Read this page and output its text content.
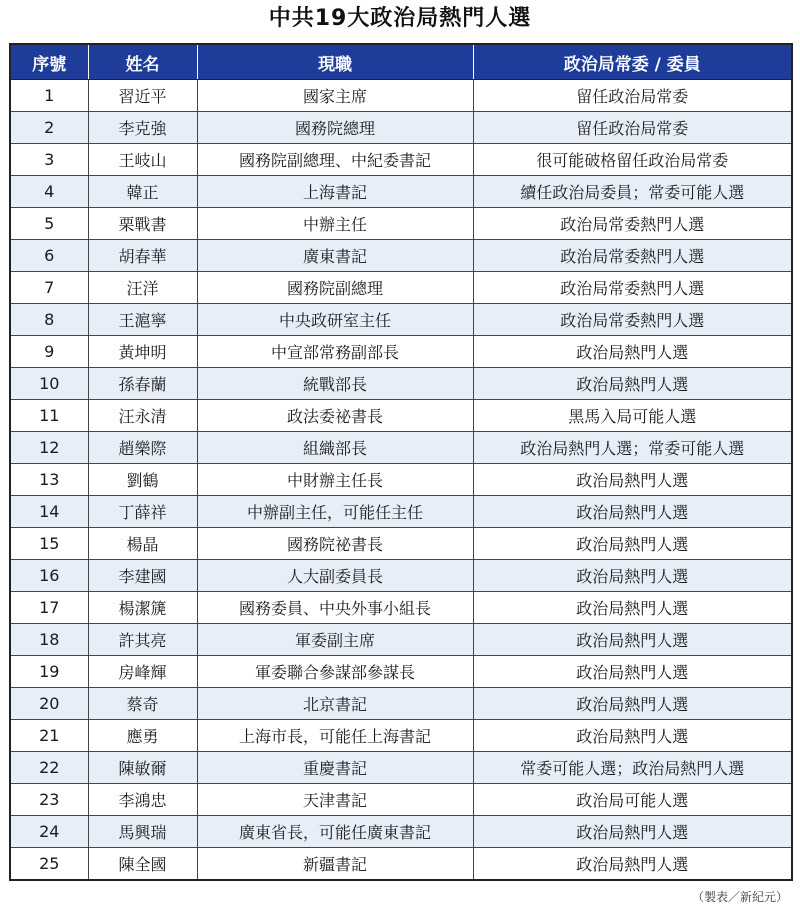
中共19大政治局熱門人選
序號	姓名	現職	政治局常委 / 委員
1	習近平	國家主席	留任政治局常委
2	李克強	國務院總理	留任政治局常委
3	王岐山	國務院副總理、中紀委書記	很可能破格留任政治局常委
4	韓正	上海書記	續任政治局委員；常委可能人選
5	栗戰書	中辦主任	政治局常委熱門人選
6	胡春華	廣東書記	政治局常委熱門人選
7	汪洋	國務院副總理	政治局常委熱門人選
8	王滬寧	中央政研室主任	政治局常委熱門人選
9	黃坤明	中宣部常務副部長	政治局熱門人選
10	孫春蘭	統戰部長	政治局熱門人選
11	汪永清	政法委祕書長	黑馬入局可能人選
12	趙樂際	組織部長	政治局熱門人選；常委可能人選
13	劉鶴	中財辦主任長	政治局熱門人選
14	丁薛祥	中辦副主任，可能任主任	政治局熱門人選
15	楊晶	國務院祕書長	政治局熱門人選
16	李建國	人大副委員長	政治局熱門人選
17	楊潔篪	國務委員、中央外事小組長	政治局熱門人選
18	許其亮	軍委副主席	政治局熱門人選
19	房峰輝	軍委聯合參謀部參謀長	政治局熱門人選
20	蔡奇	北京書記	政治局熱門人選
21	應勇	上海市長，可能任上海書記	政治局熱門人選
22	陳敏爾	重慶書記	常委可能人選；政治局熱門人選
23	李鴻忠	天津書記	政治局可能人選
24	馬興瑞	廣東省長，可能任廣東書記	政治局熱門人選
25	陳全國	新疆書記	政治局熱門人選
（製表／新紀元）
